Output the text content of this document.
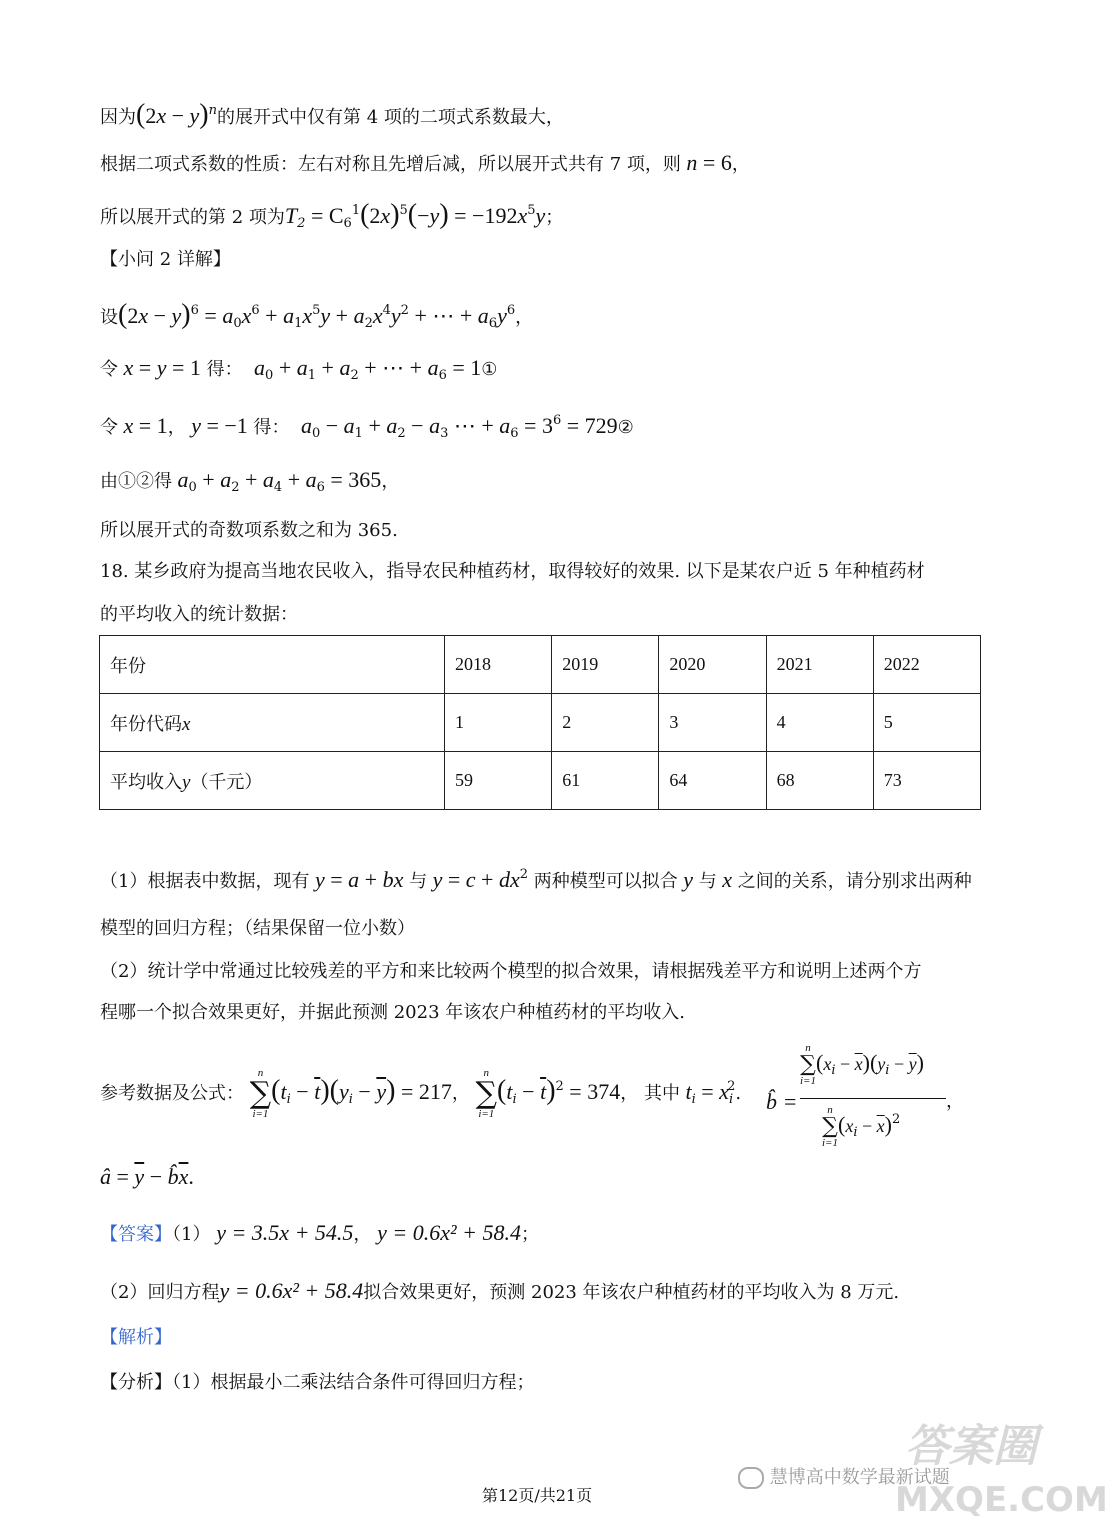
因为$(2x - y)^n$的展开式中仅有第 4 项的二项式系数最大，
根据二项式系数的性质：左右对称且先增后减，所以展开式共有 7 项，则 n = 6，
所以展开式的第 2 项为$T_2 = C_6^1(2x)^5(-y) = -192x^5y$；
【小问 2 详解】
设$(2x - y)^6 = a_0x^6 + a_1x^5y + a_2x^4y^2$ + ⋯ + $a_6y^6$，
令 x = y = 1 得：  $a_0 + a_1 + a_2$ + ⋯ + $a_6$ = 1①
令 x = 1， y = −1 得：  $a_0 - a_1 + a_2 - a_3$ ⋯ + $a_6 = 3^6$ = 729②
由①②得 $a_0 + a_2 + a_4 + a_6 = 365$，
所以展开式的奇数项系数之和为 365.
18. 某乡政府为提高当地农民收入，指导农民种植药材，取得较好的效果. 以下是某农户近 5 年种植药材
的平均收入的统计数据：
年份	2018	2019	2020	2021	2022
年份代码x	1	2	3	4	5
平均收入y（千元）	59	61	64	68	73
（1）根据表中数据，现有 y = a + bx 与 $y = c + dx^2$ 两种模型可以拟合 y 与 x 之间的关系，请分别求出两种
模型的回归方程；（结果保留一位小数）
（2）统计学中常通过比较残差的平方和来比较两个模型的拟合效果，请根据残差平方和说明上述两个方
程哪一个拟合效果更好，并据此预测 2023 年该农户种植药材的平均收入.
参考数据及公式：
n
∑
i=1
$(t_i - \overline{t})(y_i - \overline{y}) = 217$，
n
∑
i=1
$(t_i - \overline{t})^2 = 374$， 其中 $t_i = x_i^2$. b̂ =
n
∑
i=1
$(x_i - \overline{x})(y_i - \overline{y})$
n
∑
i=1
$(x_i - \overline{x})^2$
，
â = $\overline{y}$ − $b̂\overline{x}$.
【答案】（1） y = 3.5x + 54.5， y = 0.6x² + 58.4；
（2）回归方程y = 0.6x² + 58.4拟合效果更好，预测 2023 年该农户种植药材的平均收入为 8 万元.
【解析】
【分析】（1）根据最小二乘法结合条件可得回归方程；
第12页/共21页
慧博高中数学最新试题
答案圈
MXQE.COM
